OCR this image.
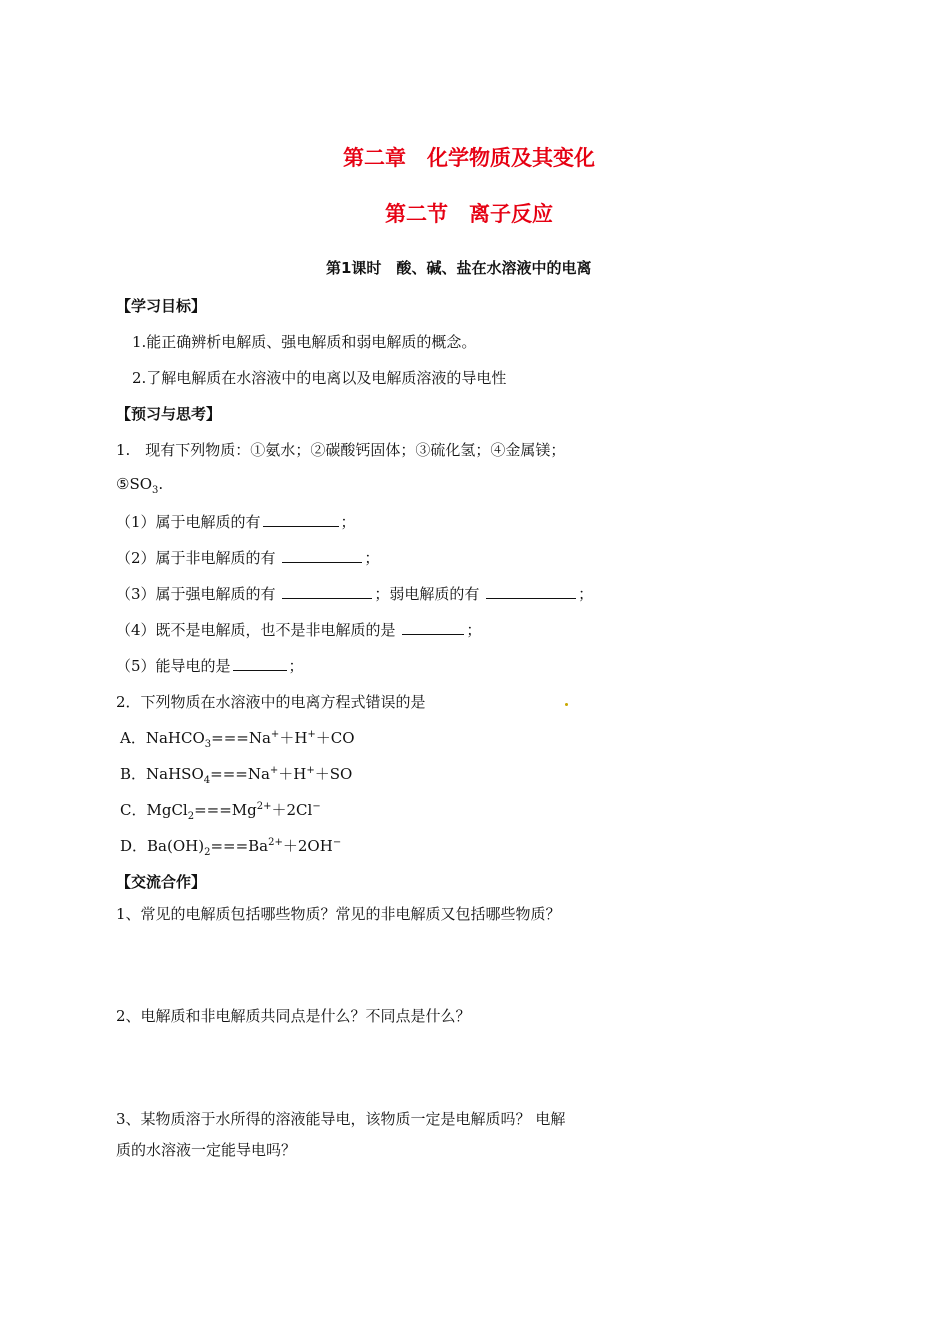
第二章　化学物质及其变化
第二节　离子反应
第1课时　酸、碱、盐在水溶液中的电离
【学习目标】
1.能正确辨析电解质、强电解质和弱电解质的概念。
2.了解电解质在水溶液中的电离以及电解质溶液的导电性
【预习与思考】
1.　现有下列物质：①氨水；②碳酸钙固体；③硫化氢；④金属镁；
$⑤SO_3$.
（1）属于电解质的有	；
（2）属于非电解质的有	；
（3）属于强电解质的有	；弱电解质的有	；
（4）既不是电解质，也不是非电解质的是	；
（5）能导电的是	；
2．下列物质在水溶液中的电离方程式错误的是
A．NaHCO$_3$===Na+＋H+＋CO
B．NaHSO$_4$===Na+＋H+＋SO
C．$MgCl_2===Mg^{2+}+2Cl^-$
D．$Ba(OH)_2===Ba^{2+}+2OH^-$
【交流合作】
1、常见的电解质包括哪些物质？常见的非电解质又包括哪些物质？
2、电解质和非电解质共同点是什么？不同点是什么？
3、某物质溶于水所得的溶液能导电，该物质一定是电解质吗？ 电解
质的水溶液一定能导电吗？
